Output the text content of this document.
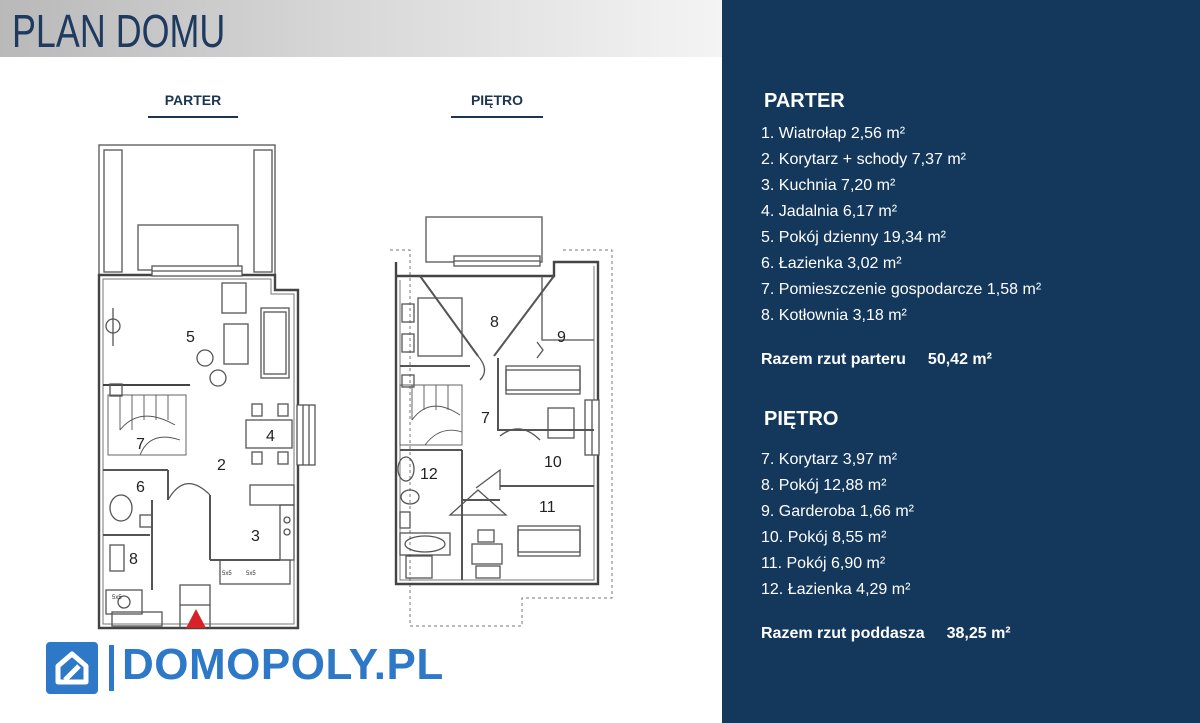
PLAN DOMU
PARTER	PIĘTRO
5
4
2
7
6
3
8
5x5 5x5
5x5
8
9
7
10
12
11
DOMOPOLY.PL
PARTER
1. Wiatrołap 2,56 m²
2. Korytarz + schody 7,37 m²
3. Kuchnia 7,20 m²
4. Jadalnia 6,17 m²
5. Pokój dzienny 19,34 m²
6. Łazienka 3,02 m²
7. Pomieszczenie gospodarcze 1,58 m²
8. Kotłownia 3,18 m²
Razem rzut parteru 50,42 m²
PIĘTRO
7. Korytarz 3,97 m²
8. Pokój 12,88 m²
9. Garderoba 1,66 m²
10. Pokój 8,55 m²
11. Pokój 6,90 m²
12. Łazienka 4,29 m²
Razem rzut poddasza 38,25 m²
